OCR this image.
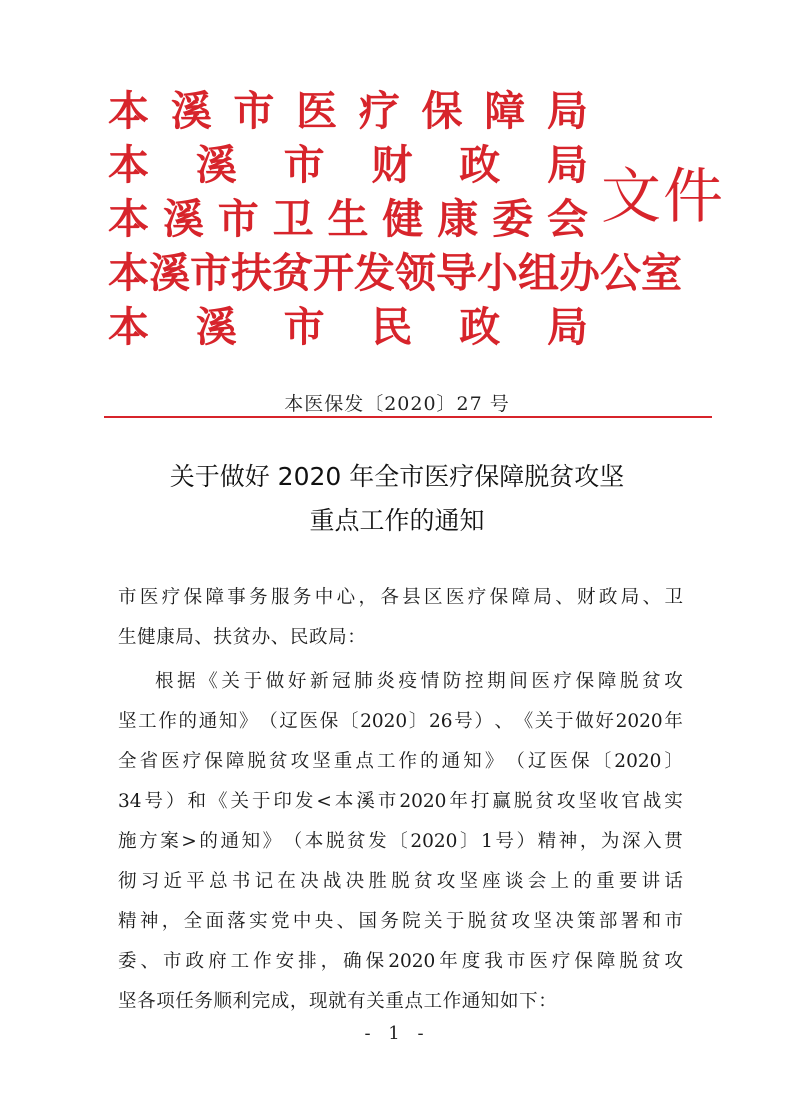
本 溪 市 医 疗 保 障 局
本 溪 市 财 政 局
本 溪 市 卫 生 健 康 委 会
本 溪 市 扶 贫 开 发 领 导 小 组 办 公 室
本 溪 市 民 政 局
文件
本医保发〔2020〕27 号
关于做好 2020 年全市医疗保障脱贫攻坚
重点工作的通知
市 医 疗 保 障 事 务 服 务 中 心 ， 各 县 区 医 疗 保 障 局 、 财 政 局 、 卫
生健康局、扶贫办、民政局：
根 据 《 关 于 做 好 新 冠 肺 炎 疫 情 防 控 期 间 医 疗 保 障 脱 贫 攻
坚 工 作 的 通 知 》 （ 辽 医 保 〔 2020 〕 26 号 ） 、 《 关 于 做 好 2020 年
全 省 医 疗 保 障 脱 贫 攻 坚 重 点 工 作 的 通 知 》 （ 辽 医 保 〔 2020 〕
34 号 ） 和 《 关 于 印 发 < 本 溪 市 2020 年 打 赢 脱 贫 攻 坚 收 官 战 实
施 方 案 > 的 通 知 》 （ 本 脱 贫 发 〔 2020 〕 1 号 ） 精 神 ， 为 深 入 贯
彻 习 近 平 总 书 记 在 决 战 决 胜 脱 贫 攻 坚 座 谈 会 上 的 重 要 讲 话
精 神 ， 全 面 落 实 党 中 央 、 国 务 院 关 于 脱 贫 攻 坚 决 策 部 署 和 市
委 、 市 政 府 工 作 安 排 ， 确 保 2020 年 度 我 市 医 疗 保 障 脱 贫 攻
坚各项任务顺利完成，现就有关重点工作通知如下：
- 1 -
